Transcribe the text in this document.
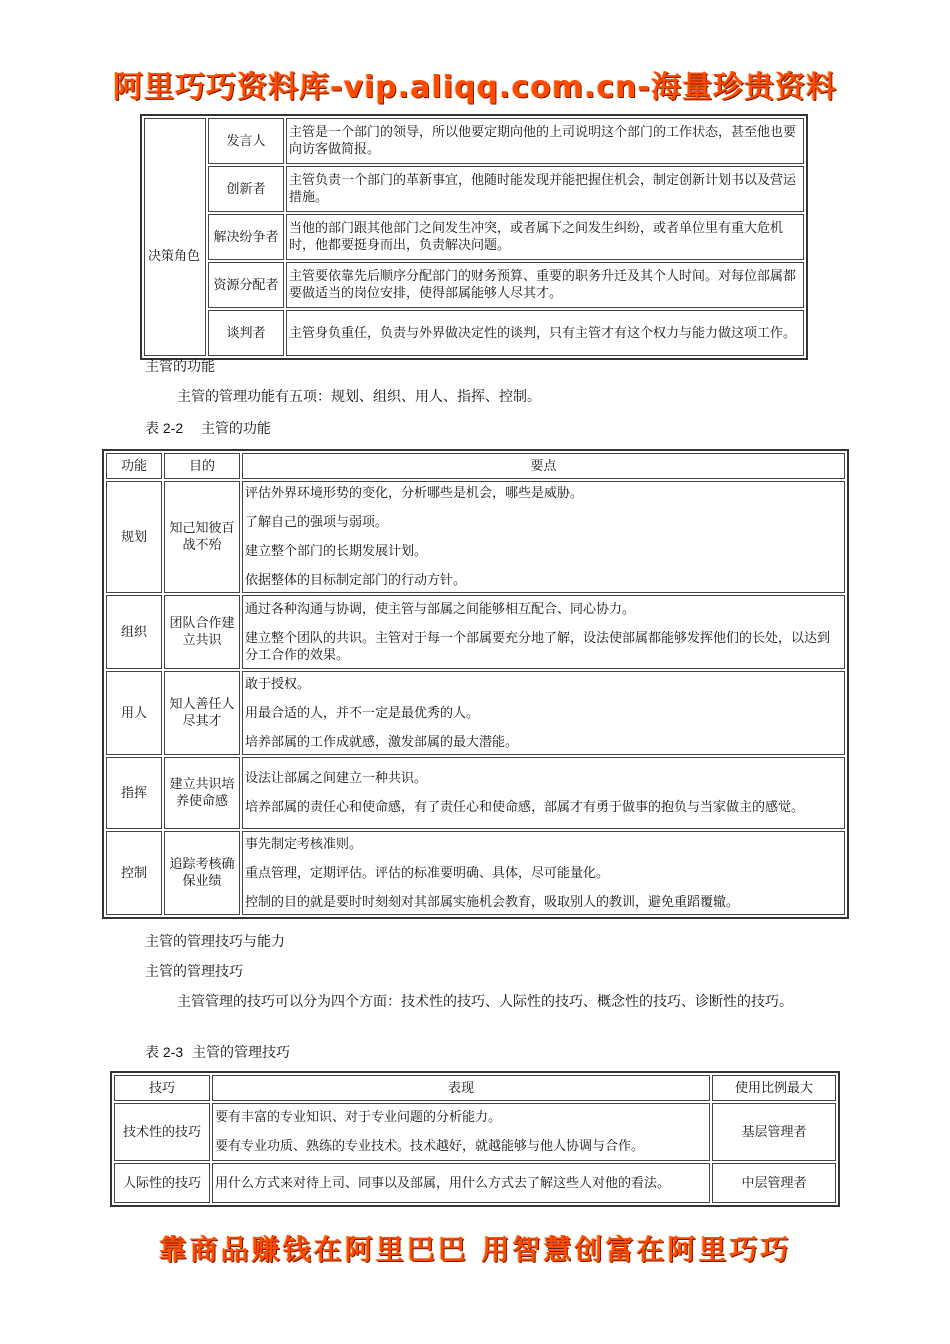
阿里巧巧资料库-vip.aliqq.com.cn-海量珍贵资料
	发言人	主管是一个部门的领导，所以他要定期向他的上司说明这个部门的工作状态，甚至他也要向访客做简报。
	创新者	主管负责一个部门的革新事宜，他随时能发现并能把握住机会，制定创新计划书以及营运措施。
	解决纷争者	当他的部门跟其他部门之间发生冲突，或者属下之间发生纠纷，或者单位里有重大危机时，他都要挺身而出，负责解决问题。
	资源分配者	主管要依靠先后顺序分配部门的财务预算、重要的职务升迁及其个人时间。对每位部属都要做适当的岗位安排，使得部属能够人尽其才。
	谈判者	主管身负重任，负责与外界做决定性的谈判，只有主管才有这个权力与能力做这项工作。
决策角色
主管的功能
主管的管理功能有五项：规划、组织、用人、指挥、控制。
表 2-2 主管的功能
功能	目的	要点
规划	知己知彼百战不殆	评估外界环境形势的变化，分析哪些是机会，哪些是威胁。

了解自己的强项与弱项。

建立整个部门的长期发展计划。

依据整体的目标制定部门的行动方针。

组织	团队合作建立共识	通过各种沟通与协调，使主管与部属之间能够相互配合、同心协力。

建立整个团队的共识。主管对于每一个部属要充分地了解，设法使部属都能够发挥他们的长处，以达到分工合作的效果。

用人	知人善任人尽其才	敢于授权。

用最合适的人，并不一定是最优秀的人。

培养部属的工作成就感，激发部属的最大潜能。

指挥	建立共识培养使命感	设法让部属之间建立一种共识。

培养部属的责任心和使命感，有了责任心和使命感，部属才有勇于做事的抱负与当家做主的感觉。

控制	追踪考核确保业绩	事先制定考核准则。

重点管理，定期评估。评估的标准要明确、具体，尽可能量化。

控制的目的就是要时时刻刻对其部属实施机会教育，吸取别人的教训，避免重蹈覆辙。

主管的管理技巧与能力
主管的管理技巧
主管管理的技巧可以分为四个方面：技术性的技巧、人际性的技巧、概念性的技巧、诊断性的技巧。
表 2-3 主管的管理技巧
技巧	表现	使用比例最大
技术性的技巧	要有丰富的专业知识、对于专业问题的分析能力。

要有专业功质、熟练的专业技术。技术越好，就越能够与他人协调与合作。	基层管理者
人际性的技巧	用什么方式来对待上司、同事以及部属，用什么方式去了解这些人对他的看法。	中层管理者
靠商品赚钱在阿里巴巴 用智慧创富在阿里巧巧
